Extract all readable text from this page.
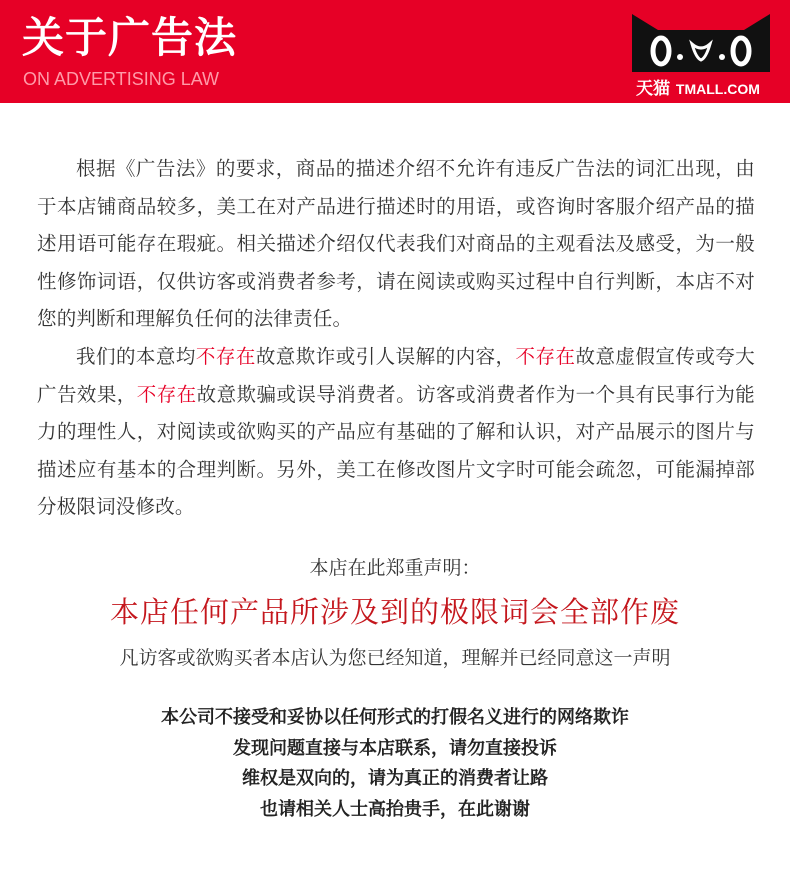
关于广告法
ON ADVERTISING LAW	天猫 TMALL.COM

根据《广告法》的要求，商品的描述介绍不允许有违反广告法的词汇出现，由于本店铺商品较多，美工在对产品进行描述时的用语，或咨询时客服介绍产品的描述用语可能存在瑕疵。相关描述介绍仅代表我们对商品的主观看法及感受，为一般性修饰词语，仅供访客或消费者参考，请在阅读或购买过程中自行判断，本店不对您的判断和理解负任何的法律责任。

我们的本意均不存在故意欺诈或引人误解的内容，不存在故意虚假宣传或夸大广告效果，不存在故意欺骗或误导消费者。访客或消费者作为一个具有民事行为能力的理性人，对阅读或欲购买的产品应有基础的了解和认识，对产品展示的图片与描述应有基本的合理判断。另外，美工在修改图片文字时可能会疏忽，可能漏掉部分极限词没修改。

本店在此郑重声明：
本店任何产品所涉及到的极限词会全部作废
凡访客或欲购买者本店认为您已经知道，理解并已经同意这一声明
本公司不接受和妥协以任何形式的打假名义进行的网络欺诈
发现问题直接与本店联系，请勿直接投诉
维权是双向的，请为真正的消费者让路
也请相关人士高抬贵手，在此谢谢
